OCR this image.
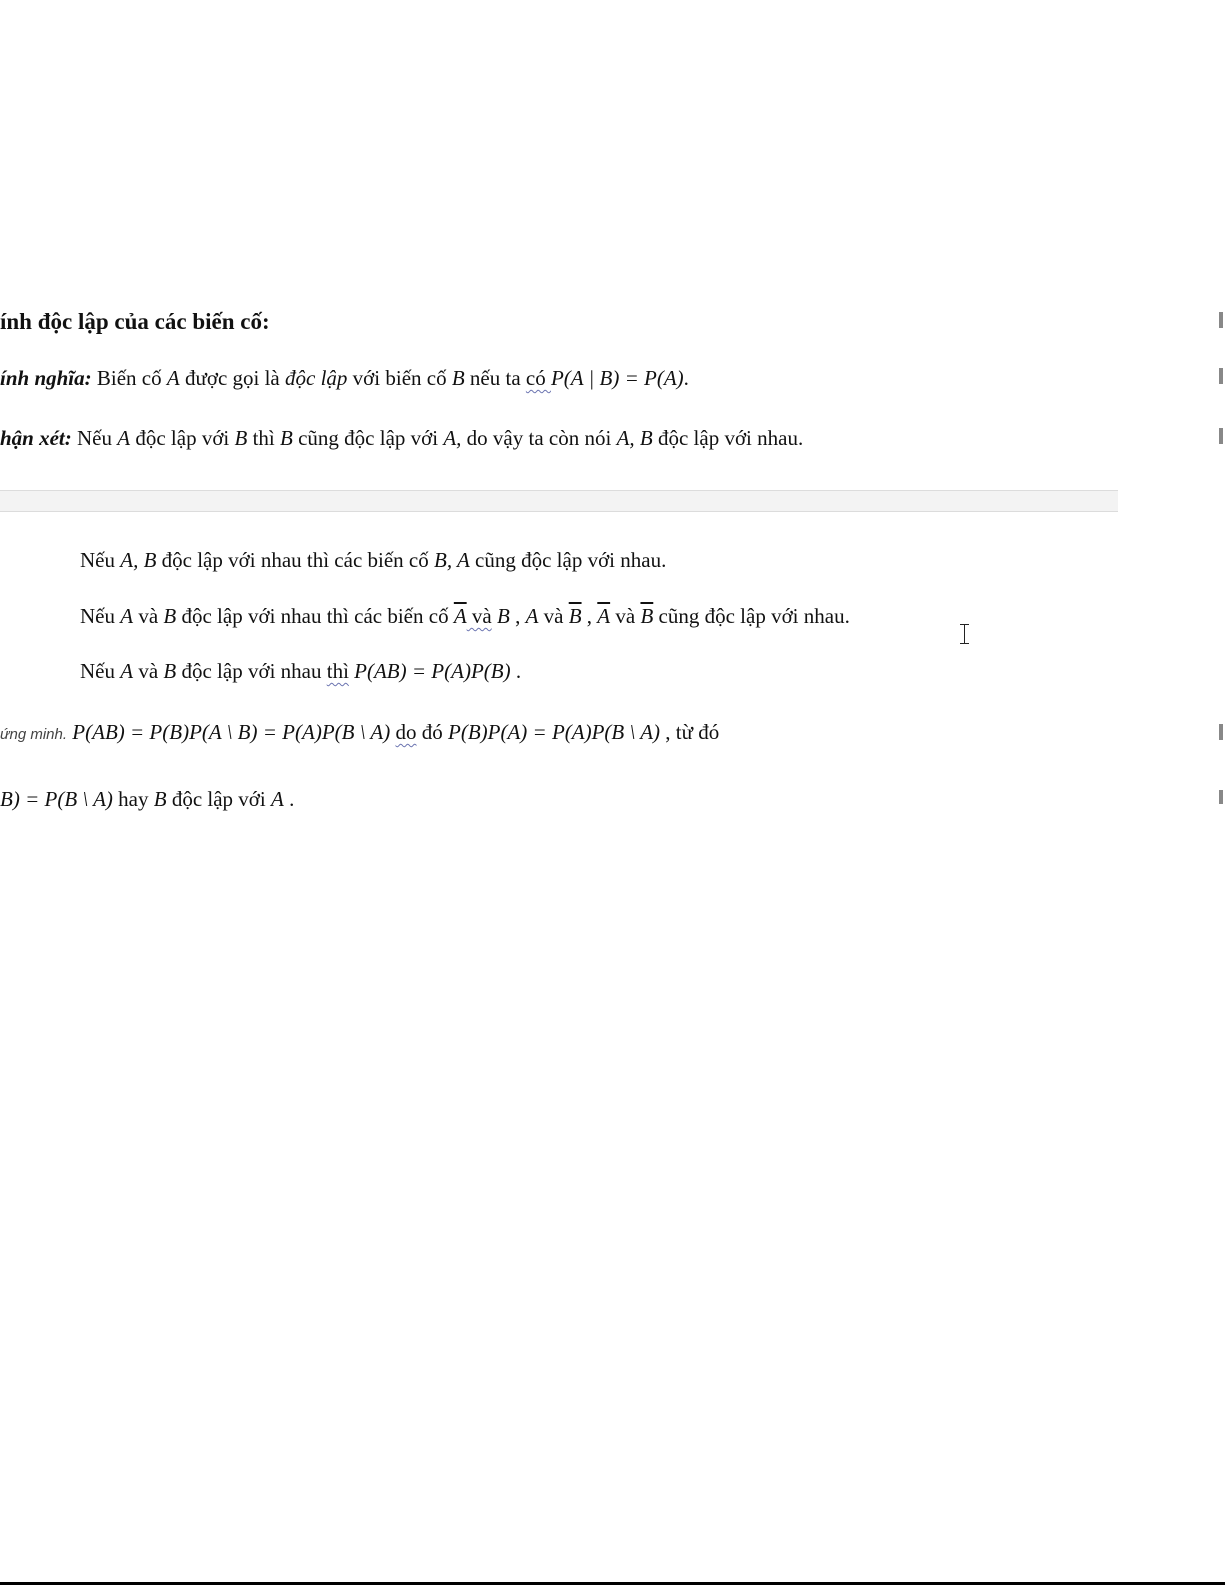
ính độc lập của các biến cố:
ính nghĩa: Biến cố A được gọi là độc lập với biến cố B nếu ta có P(A | B) = P(A).
hận xét: Nếu A độc lập với B thì B cũng độc lập với A, do vậy ta còn nói A, B độc lập với nhau.
Nếu A, B độc lập với nhau thì các biến cố B, A cũng độc lập với nhau.
Nếu A và B độc lập với nhau thì các biến cố $\overline{A}$ và B , A và $\overline{B}$ , $\overline{A}$ và $\overline{B}$ cũng độc lập với nhau.
Nếu A và B độc lập với nhau thì P(AB) = P(A)P(B) .
ứng minh. P(AB) = P(B)P(A \ B) = P(A)P(B \ A) do đó P(B)P(A) = P(A)P(B \ A) , từ đó
B) = P(B \ A) hay B độc lập với A .
